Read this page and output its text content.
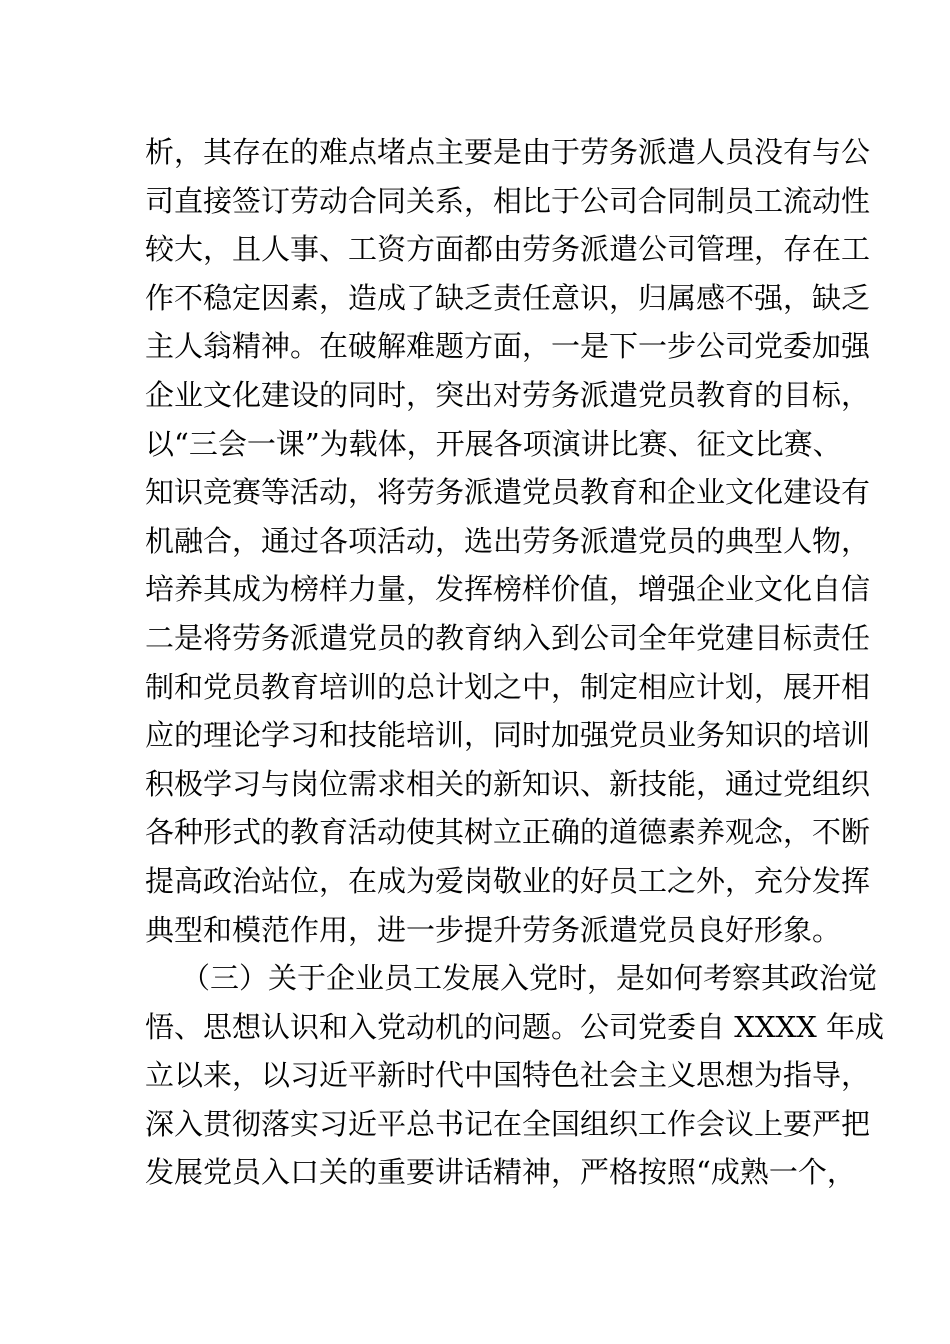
析，其存在的难点堵点主要是由于劳务派遣人员没有与公
司直接签订劳动合同关系，相比于公司合同制员工流动性
较大，且人事、工资方面都由劳务派遣公司管理，存在工
作不稳定因素，造成了缺乏责任意识，归属感不强，缺乏
主人翁精神。在破解难题方面，一是下一步公司党委加强
企业文化建设的同时，突出对劳务派遣党员教育的目标，
以“三会一课”为载体，开展各项演讲比赛、征文比赛、
知识竞赛等活动，将劳务派遣党员教育和企业文化建设有
机融合，通过各项活动，选出劳务派遣党员的典型人物，
培养其成为榜样力量，发挥榜样价值，增强企业文化自信
二是将劳务派遣党员的教育纳入到公司全年党建目标责任
制和党员教育培训的总计划之中，制定相应计划，展开相
应的理论学习和技能培训，同时加强党员业务知识的培训
积极学习与岗位需求相关的新知识、新技能，通过党组织
各种形式的教育活动使其树立正确的道德素养观念，不断
提高政治站位，在成为爱岗敬业的好员工之外，充分发挥
典型和模范作用，进一步提升劳务派遣党员良好形象。
（三）关于企业员工发展入党时，是如何考察其政治觉
悟、思想认识和入党动机的问题。公司党委自 XXXX 年成
立以来，以习近平新时代中国特色社会主义思想为指导，
深入贯彻落实习近平总书记在全国组织工作会议上要严把
发展党员入口关的重要讲话精神，严格按照“成熟一个，
